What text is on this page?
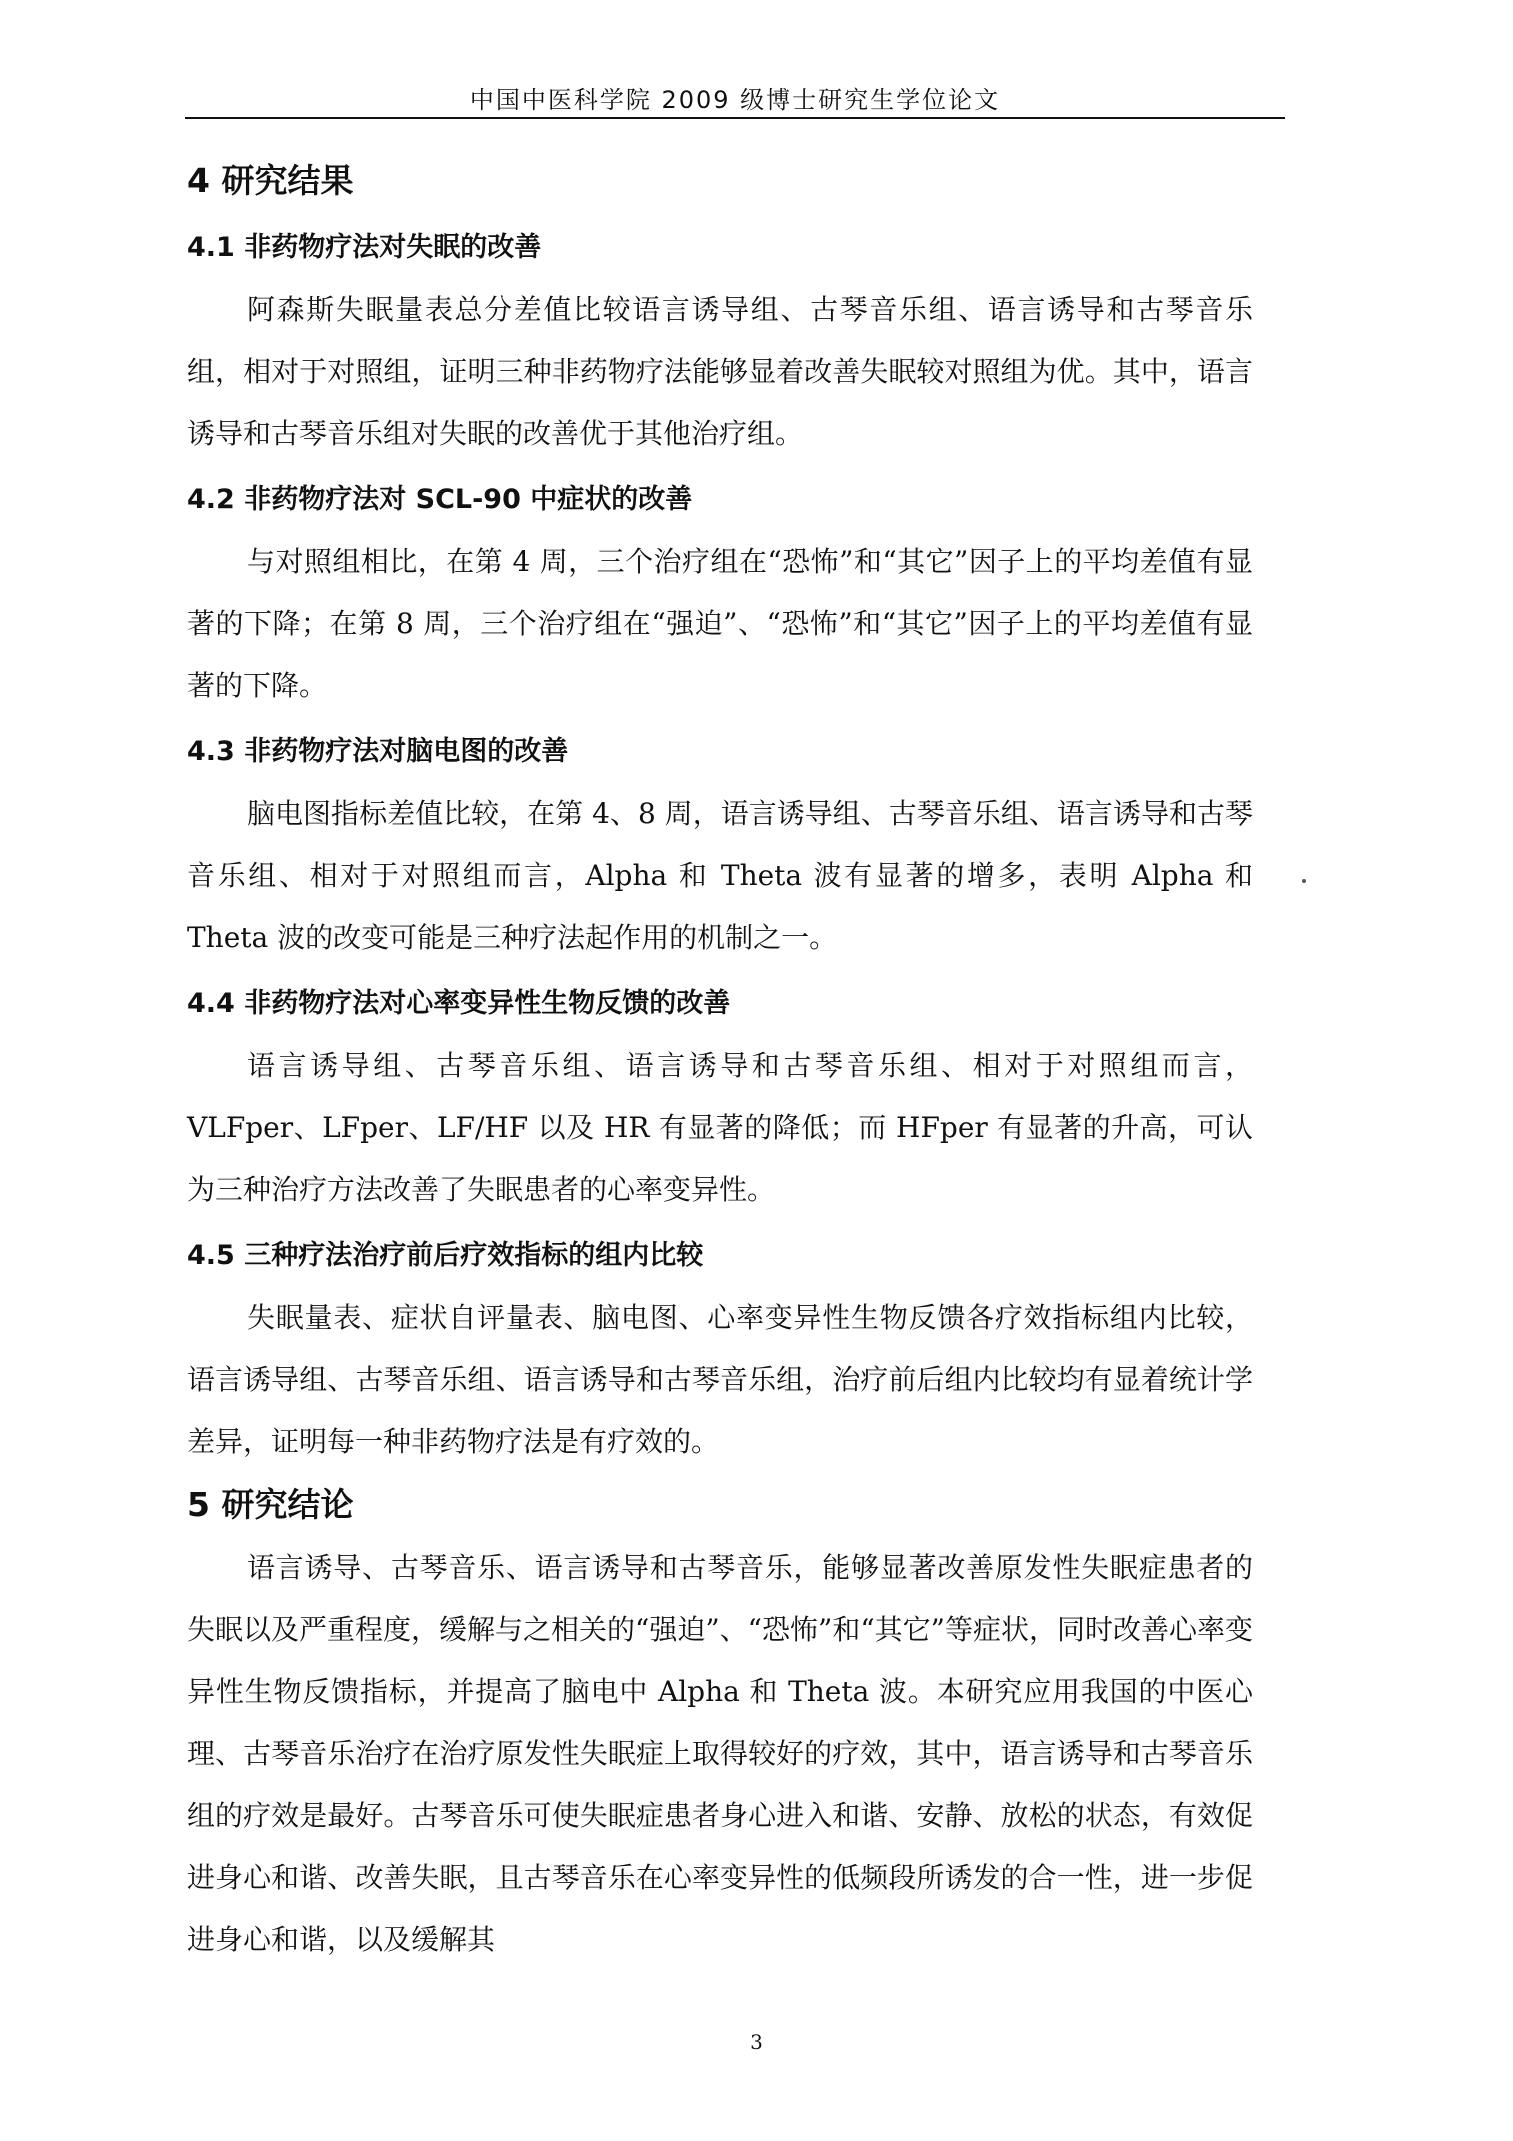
中国中医科学院 2009 级博士研究生学位论文
4 研究结果
4.1 非药物疗法对失眠的改善

阿森斯失眠量表总分差值比较语言诱导组、古琴音乐组、语言诱导和古琴音乐组，相对于对照组，证明三种非药物疗法能够显着改善失眠较对照组为优。其中，语言诱导和古琴音乐组对失眠的改善优于其他治疗组。

4.2 非药物疗法对 SCL-90 中症状的改善

与对照组相比，在第 4 周，三个治疗组在“恐怖”和“其它”因子上的平均差值有显著的下降；在第 8 周，三个治疗组在“强迫”、“恐怖”和“其它”因子上的平均差值有显著的下降。

4.3 非药物疗法对脑电图的改善

脑电图指标差值比较，在第 4、8 周，语言诱导组、古琴音乐组、语言诱导和古琴音乐组、相对于对照组而言，Alpha 和 Theta 波有显著的增多，表明 Alpha 和 Theta 波的改变可能是三种疗法起作用的机制之一。

4.4 非药物疗法对心率变异性生物反馈的改善

语言诱导组、古琴音乐组、语言诱导和古琴音乐组、相对于对照组而言，VLFper、LFper、LF/HF 以及 HR 有显著的降低；而 HFper 有显著的升高，可认为三种治疗方法改善了失眠患者的心率变异性。

4.5 三种疗法治疗前后疗效指标的组内比较

失眠量表、症状自评量表、脑电图、心率变异性生物反馈各疗效指标组内比较，语言诱导组、古琴音乐组、语言诱导和古琴音乐组，治疗前后组内比较均有显着统计学差异，证明每一种非药物疗法是有疗效的。

5 研究结论

语言诱导、古琴音乐、语言诱导和古琴音乐，能够显著改善原发性失眠症患者的失眠以及严重程度，缓解与之相关的“强迫”、“恐怖”和“其它”等症状，同时改善心率变异性生物反馈指标，并提高了脑电中 Alpha 和 Theta 波。本研究应用我国的中医心理、古琴音乐治疗在治疗原发性失眠症上取得较好的疗效，其中，语言诱导和古琴音乐组的疗效是最好。古琴音乐可使失眠症患者身心进入和谐、安静、放松的状态，有效促进身心和谐、改善失眠，且古琴音乐在心率变异性的低频段所诱发的合一性，进一步促进身心和谐，以及缓解其

3
